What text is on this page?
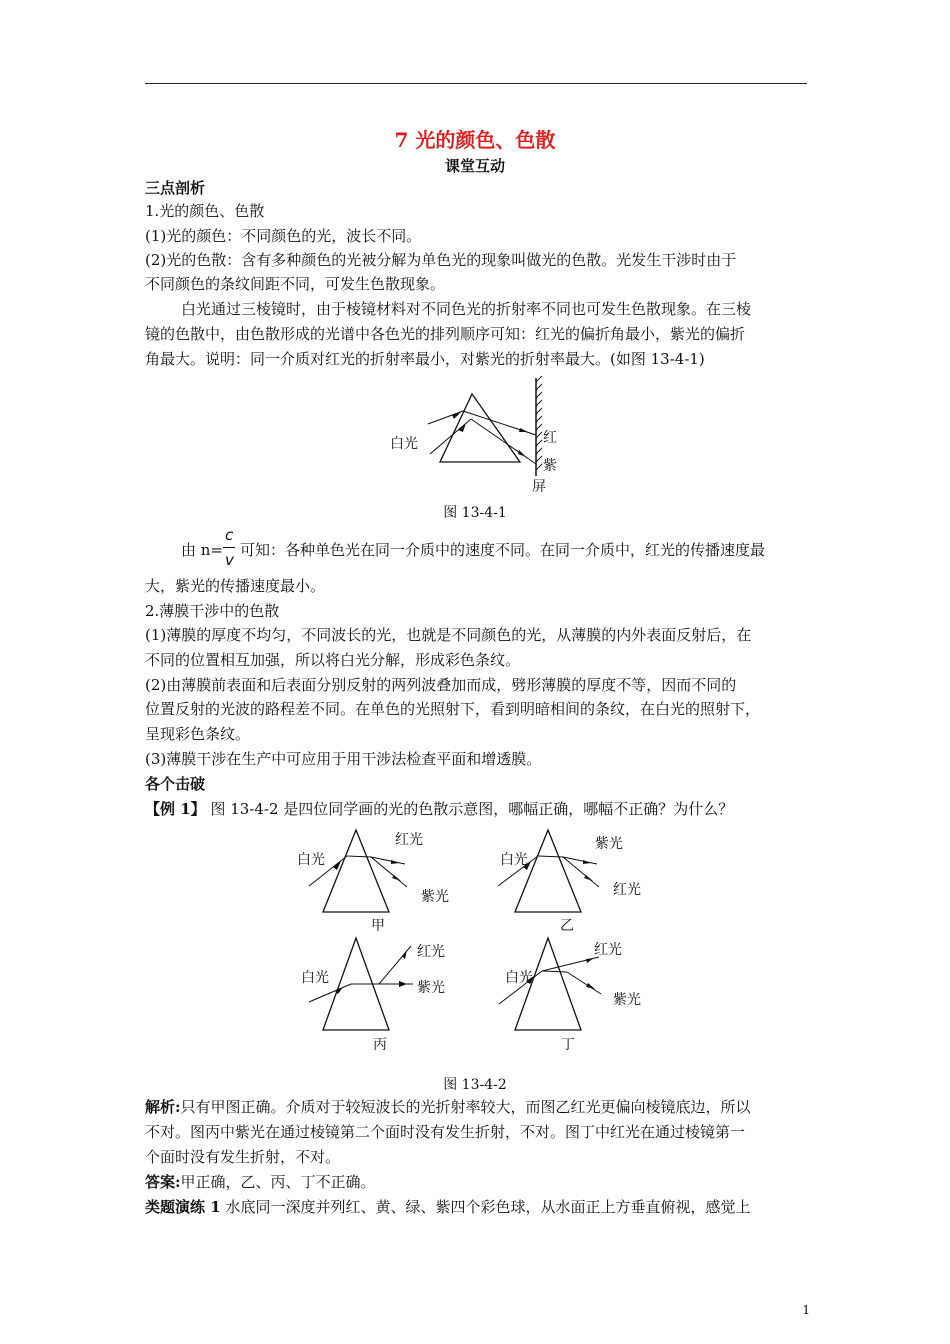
7 光的颜色、色散
课堂互动
三点剖析
1.光的颜色、色散
(1)光的颜色：不同颜色的光，波长不同。
(2)光的色散：含有多种颜色的光被分解为单色光的现象叫做光的色散。光发生干涉时由于
不同颜色的条纹间距不同，可发生色散现象。
白光通过三棱镜时，由于棱镜材料对不同色光的折射率不同也可发生色散现象。在三棱
镜的色散中，由色散形成的光谱中各色光的排列顺序可知：红光的偏折角最小，紫光的偏折
角最大。说明：同一介质对红光的折射率最小，对紫光的折射率最大。(如图 13-4-1)
白光	红
紫
屏
图 13-4-1
由 n=
c
v
可知：各种单色光在同一介质中的速度不同。在同一介质中，红光的传播速度最
大，紫光的传播速度最小。
2.薄膜干涉中的色散
(1)薄膜的厚度不均匀，不同波长的光，也就是不同颜色的光，从薄膜的内外表面反射后，在
不同的位置相互加强，所以将白光分解，形成彩色条纹。
(2)由薄膜前表面和后表面分别反射的两列波叠加而成，劈形薄膜的厚度不等，因而不同的
位置反射的光波的路程差不同。在单色的光照射下，看到明暗相间的条纹，在白光的照射下，
呈现彩色条纹。
(3)薄膜干涉在生产中可应用于用干涉法检查平面和增透膜。
各个击破
【例 1】 图 13-4-2 是四位同学画的光的色散示意图，哪幅正确，哪幅不正确？为什么？
白光
红光
紫光
甲
白光
紫光
红光
乙
白光
红光
紫光
丙
白光
红光
紫光
丁
图 13-4-2
解析:只有甲图正确。介质对于较短波长的光折射率较大，而图乙红光更偏向棱镜底边，所以
不对。图丙中紫光在通过棱镜第二个面时没有发生折射，不对。图丁中红光在通过棱镜第一
个面时没有发生折射，不对。
答案:甲正确，乙、丙、丁不正确。
类题演练 1 水底同一深度并列红、黄、绿、紫四个彩色球，从水面正上方垂直俯视，感觉上
1
